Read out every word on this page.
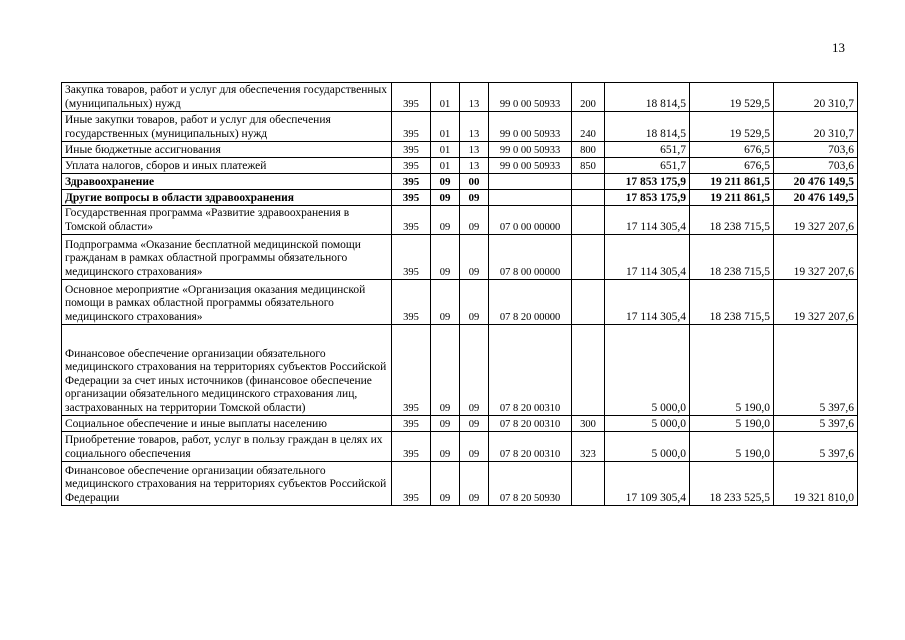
13
Закупка товаров, работ и услуг для обеспечения государственных (муниципальных) нужд	395	01	13	99 0 00 50933	200	18 814,5	19 529,5	20 310,7
Иные закупки товаров, работ и услуг для обеспечения государственных (муниципальных) нужд	395	01	13	99 0 00 50933	240	18 814,5	19 529,5	20 310,7
Иные бюджетные ассигнования	395	01	13	99 0 00 50933	800	651,7	676,5	703,6
Уплата налогов, сборов и иных платежей	395	01	13	99 0 00 50933	850	651,7	676,5	703,6
Здравоохранение	395	09	00			17 853 175,9	19 211 861,5	20 476 149,5
Другие вопросы в области здравоохранения	395	09	09			17 853 175,9	19 211 861,5	20 476 149,5
Государственная программа «Развитие здравоохранения в Томской области»	395	09	09	07 0 00 00000		17 114 305,4	18 238 715,5	19 327 207,6
Подпрограмма «Оказание бесплатной медицинской помощи гражданам в рамках областной программы обязательного медицинского страхования»	395	09	09	07 8 00 00000		17 114 305,4	18 238 715,5	19 327 207,6
Основное мероприятие «Организация оказания медицинской помощи в рамках областной программы обязательного медицинского страхования»	395	09	09	07 8 20 00000		17 114 305,4	18 238 715,5	19 327 207,6
Финансовое обеспечение организации обязательного медицинского страхования на территориях субъектов Российской Федерации за счет иных источников (финансовое обеспечение организации обязательного медицинского страхования лиц, застрахованных на территории Томской области)	395	09	09	07 8 20 00310		5 000,0	5 190,0	5 397,6
Социальное обеспечение и иные выплаты населению	395	09	09	07 8 20 00310	300	5 000,0	5 190,0	5 397,6
Приобретение товаров, работ, услуг в пользу граждан в целях их социального обеспечения	395	09	09	07 8 20 00310	323	5 000,0	5 190,0	5 397,6
Финансовое обеспечение организации обязательного медицинского страхования на территориях субъектов Российской Федерации	395	09	09	07 8 20 50930		17 109 305,4	18 233 525,5	19 321 810,0
